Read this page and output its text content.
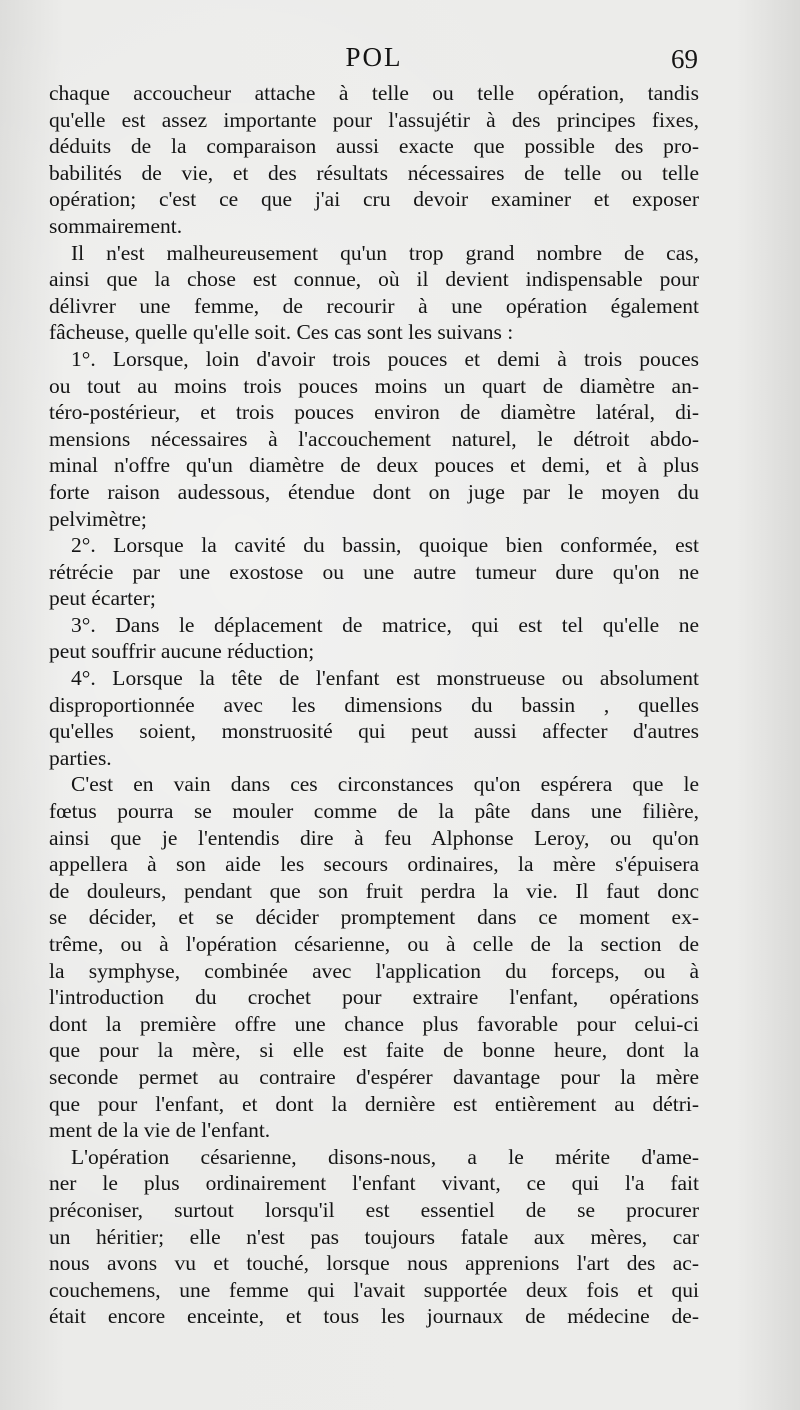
POL	69
chaque accoucheur attache à telle ou telle opération, tandis
qu'elle est assez importante pour l'assujétir à des principes fixes,
déduits de la comparaison aussi exacte que possible des pro-
babilités de vie, et des résultats nécessaires de telle ou telle
opération; c'est ce que j'ai cru devoir examiner et exposer
sommairement.
Il n'est malheureusement qu'un trop grand nombre de cas,
ainsi que la chose est connue, où il devient indispensable pour
délivrer une femme, de recourir à une opération également
fâcheuse, quelle qu'elle soit. Ces cas sont les suivans :
1°. Lorsque, loin d'avoir trois pouces et demi à trois pouces
ou tout au moins trois pouces moins un quart de diamètre an-
téro-postérieur, et trois pouces environ de diamètre latéral, di-
mensions nécessaires à l'accouchement naturel, le détroit abdo-
minal n'offre qu'un diamètre de deux pouces et demi, et à plus
forte raison audessous, étendue dont on juge par le moyen du
pelvimètre;
2°. Lorsque la cavité du bassin, quoique bien conformée, est
rétrécie par une exostose ou une autre tumeur dure qu'on ne
peut écarter;
3°. Dans le déplacement de matrice, qui est tel qu'elle ne
peut souffrir aucune réduction;
4°. Lorsque la tête de l'enfant est monstrueuse ou absolument
disproportionnée avec les dimensions du bassin , quelles
qu'elles soient, monstruosité qui peut aussi affecter d'autres
parties.
C'est en vain dans ces circonstances qu'on espérera que le
fœtus pourra se mouler comme de la pâte dans une filière,
ainsi que je l'entendis dire à feu Alphonse Leroy, ou qu'on
appellera à son aide les secours ordinaires, la mère s'épuisera
de douleurs, pendant que son fruit perdra la vie. Il faut donc
se décider, et se décider promptement dans ce moment ex-
trême, ou à l'opération césarienne, ou à celle de la section de
la symphyse, combinée avec l'application du forceps, ou à
l'introduction du crochet pour extraire l'enfant, opérations
dont la première offre une chance plus favorable pour celui-ci
que pour la mère, si elle est faite de bonne heure, dont la
seconde permet au contraire d'espérer davantage pour la mère
que pour l'enfant, et dont la dernière est entièrement au détri-
ment de la vie de l'enfant.
L'opération césarienne, disons-nous, a le mérite d'ame-
ner le plus ordinairement l'enfant vivant, ce qui l'a fait
préconiser, surtout lorsqu'il est essentiel de se procurer
un héritier; elle n'est pas toujours fatale aux mères, car
nous avons vu et touché, lorsque nous apprenions l'art des ac-
couchemens, une femme qui l'avait supportée deux fois et qui
était encore enceinte, et tous les journaux de médecine de-
